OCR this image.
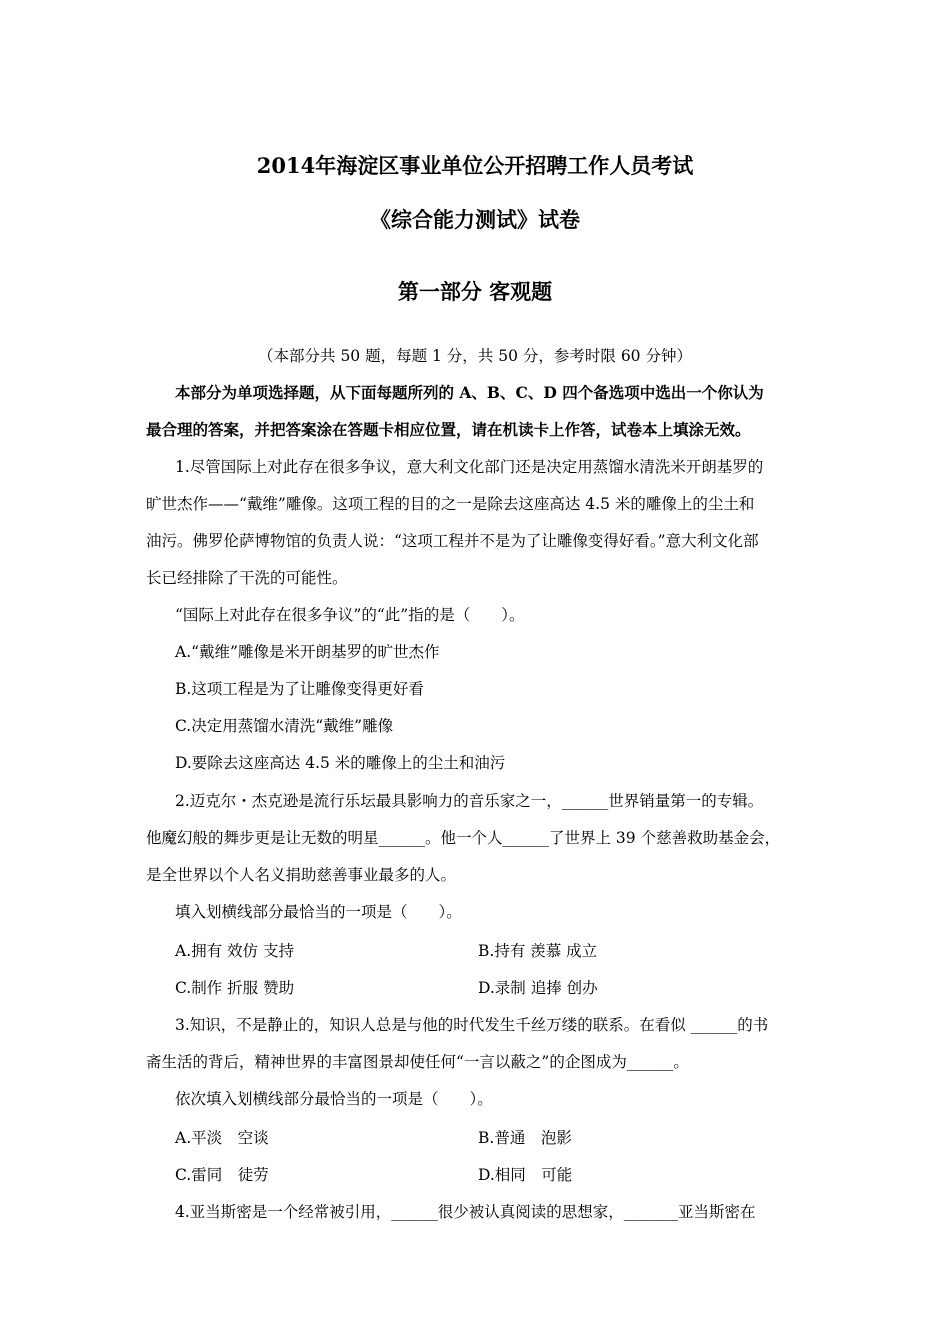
2014年海淀区事业单位公开招聘工作人员考试
《综合能力测试》试卷
第一部分 客观题
（本部分共 50 题，每题 1 分，共 50 分，参考时限 60 分钟）
本部分为单项选择题，从下面每题所列的 A、B、C、D 四个备选项中选出一个你认为
最合理的答案，并把答案涂在答题卡相应位置，请在机读卡上作答，试卷本上填涂无效。
1.尽管国际上对此存在很多争议，意大利文化部门还是决定用蒸馏水清洗米开朗基罗的
旷世杰作——“戴维”雕像。这项工程的目的之一是除去这座高达 4.5 米的雕像上的尘土和
油污。佛罗伦萨博物馆的负责人说：“这项工程并不是为了让雕像变得好看。”意大利文化部
长已经排除了干洗的可能性。
“国际上对此存在很多争议”的“此”指的是（　　）。
A.“戴维”雕像是米开朗基罗的旷世杰作
B.这项工程是为了让雕像变得更好看
C.决定用蒸馏水清洗“戴维”雕像
D.要除去这座高达 4.5 米的雕像上的尘土和油污
2.迈克尔・杰克逊是流行乐坛最具影响力的音乐家之一，______世界销量第一的专辑。
他魔幻般的舞步更是让无数的明星______。他一个人______了世界上 39 个慈善救助基金会，
是全世界以个人名义捐助慈善事业最多的人。
填入划横线部分最恰当的一项是（　　）。
A.拥有 效仿 支持	B.持有 羡慕 成立
C.制作 折服 赞助	D.录制 追捧 创办
3.知识，不是静止的，知识人总是与他的时代发生千丝万缕的联系。在看似 ______的书
斋生活的背后，精神世界的丰富图景却使任何“一言以蔽之”的企图成为______。
依次填入划横线部分最恰当的一项是（　　）。
A.平淡　空谈	B.普通　泡影
C.雷同　徒劳	D.相同　可能
4.亚当斯密是一个经常被引用，______很少被认真阅读的思想家，_______亚当斯密在
